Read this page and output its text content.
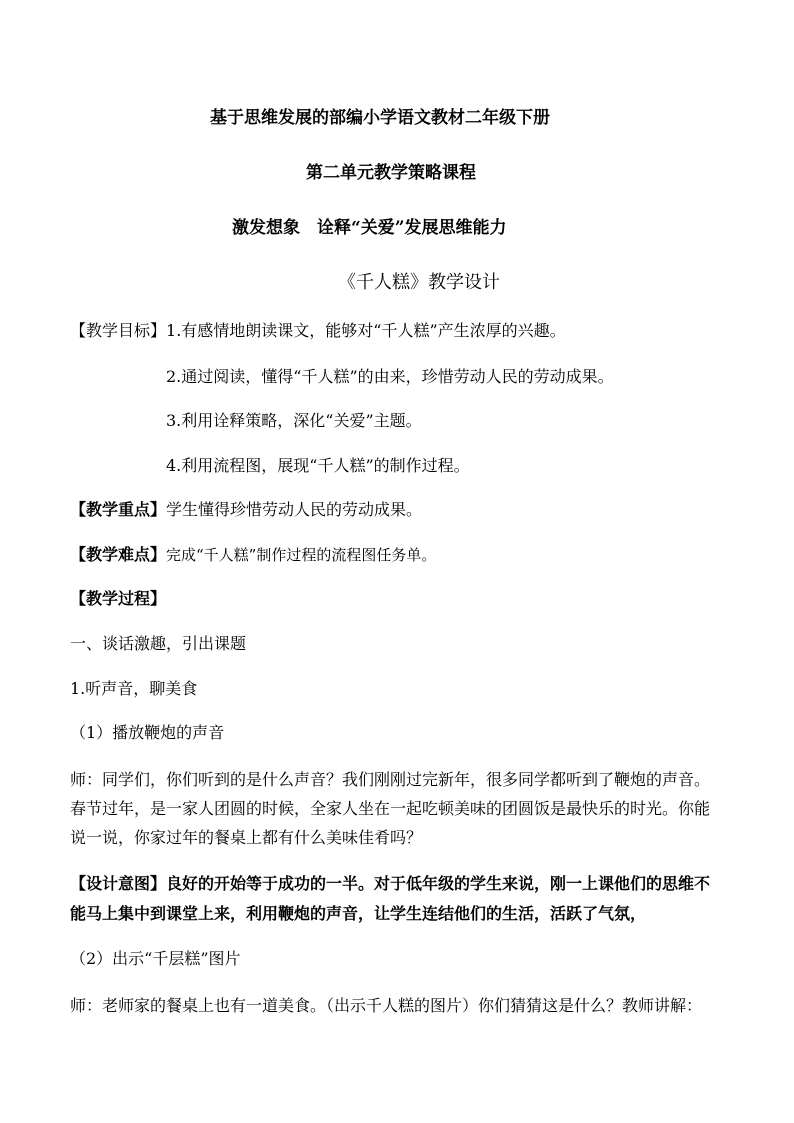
基于思维发展的部编小学语文教材二年级下册
第二单元教学策略课程
激发想象　诠释“关爱”发展思维能力
《千人糕》教学设计
【教学目标】1.有感情地朗读课文，能够对“千人糕”产生浓厚的兴趣。
2.通过阅读，懂得“千人糕”的由来，珍惜劳动人民的劳动成果。
3.利用诠释策略，深化“关爱”主题。
4.利用流程图，展现“千人糕”的制作过程。
【教学重点】学生懂得珍惜劳动人民的劳动成果。
【教学难点】完成“千人糕”制作过程的流程图任务单。
【教学过程】
一、谈话激趣，引出课题
1.听声音，聊美食
（1）播放鞭炮的声音
师：同学们，你们听到的是什么声音？我们刚刚过完新年，很多同学都听到了鞭炮的声音。
春节过年，是一家人团圆的时候，全家人坐在一起吃顿美味的团圆饭是最快乐的时光。你能
说一说，你家过年的餐桌上都有什么美味佳肴吗？
【设计意图】良好的开始等于成功的一半。对于低年级的学生来说，刚一上课他们的思维不
能马上集中到课堂上来，利用鞭炮的声音，让学生连结他们的生活，活跃了气氛，
（2）出示“千层糕”图片
师：老师家的餐桌上也有一道美食。（出示千人糕的图片）你们猜猜这是什么？教师讲解：
